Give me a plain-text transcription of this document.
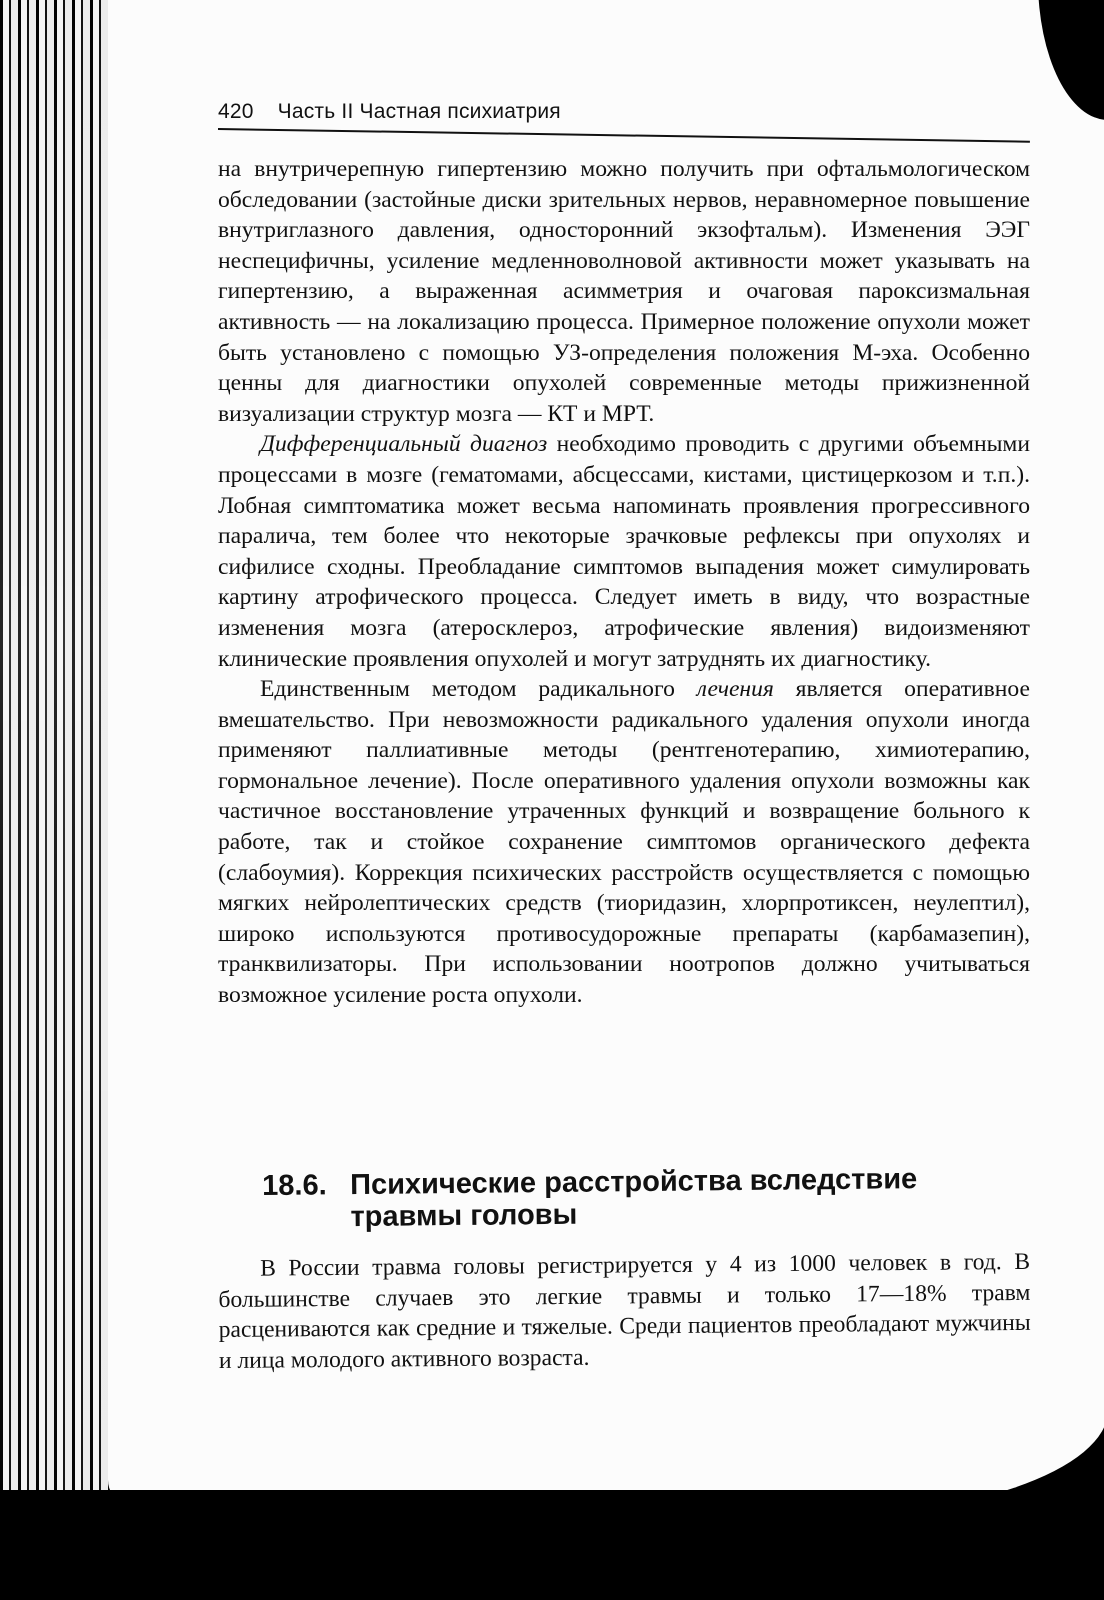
420 Часть II Частная психиатрия

на внутричерепную гипертензию можно получить при офтальмологическом обследовании (застойные диски зрительных нервов, неравномерное повышение внутриглазного давления, односторонний экзофтальм). Изменения ЭЭГ неспецифичны, усиление медленноволновой активности может указывать на гипертензию, а выраженная асимметрия и очаговая пароксизмальная активность — на локализацию процесса. Примерное положение опухоли может быть установлено с помощью УЗ-определения положения М-эха. Особенно ценны для диагностики опухолей современные методы прижизненной визуализации структур мозга — КТ и МРТ.

Дифференциальный диагноз необходимо проводить с другими объемными процессами в мозге (гематомами, абсцессами, кистами, цистицеркозом и т.п.). Лобная симптоматика может весьма напоминать проявления прогрессивного паралича, тем более что некоторые зрачковые рефлексы при опухолях и сифилисе сходны. Преобладание симптомов выпадения может симулировать картину атрофического процесса. Следует иметь в виду, что возрастные изменения мозга (атеросклероз, атрофические явления) видоизменяют клинические проявления опухолей и могут затруднять их диагностику.

Единственным методом радикального лечения является оперативное вмешательство. При невозможности радикального удаления опухоли иногда применяют паллиативные методы (рентгенотерапию, химиотерапию, гормональное лечение). После оперативного удаления опухоли возможны как частичное восстановление утраченных функций и возвращение больного к работе, так и стойкое сохранение симптомов органического дефекта (слабоумия). Коррекция психических расстройств осуществляется с помощью мягких нейролептических средств (тиоридазин, хлорпротиксен, неулептил), широко используются противосудорожные препараты (карбамазепин), транквилизаторы. При использовании ноотропов должно учитываться возможное усиление роста опухоли.

18.6. Психические расстройства вследствие
травмы головы

В России травма головы регистрируется у 4 из 1000 человек в год. В большинстве случаев это легкие травмы и только 17—18% травм расцениваются как средние и тяжелые. Среди пациентов преобладают мужчины и лица молодого активного возраста.
